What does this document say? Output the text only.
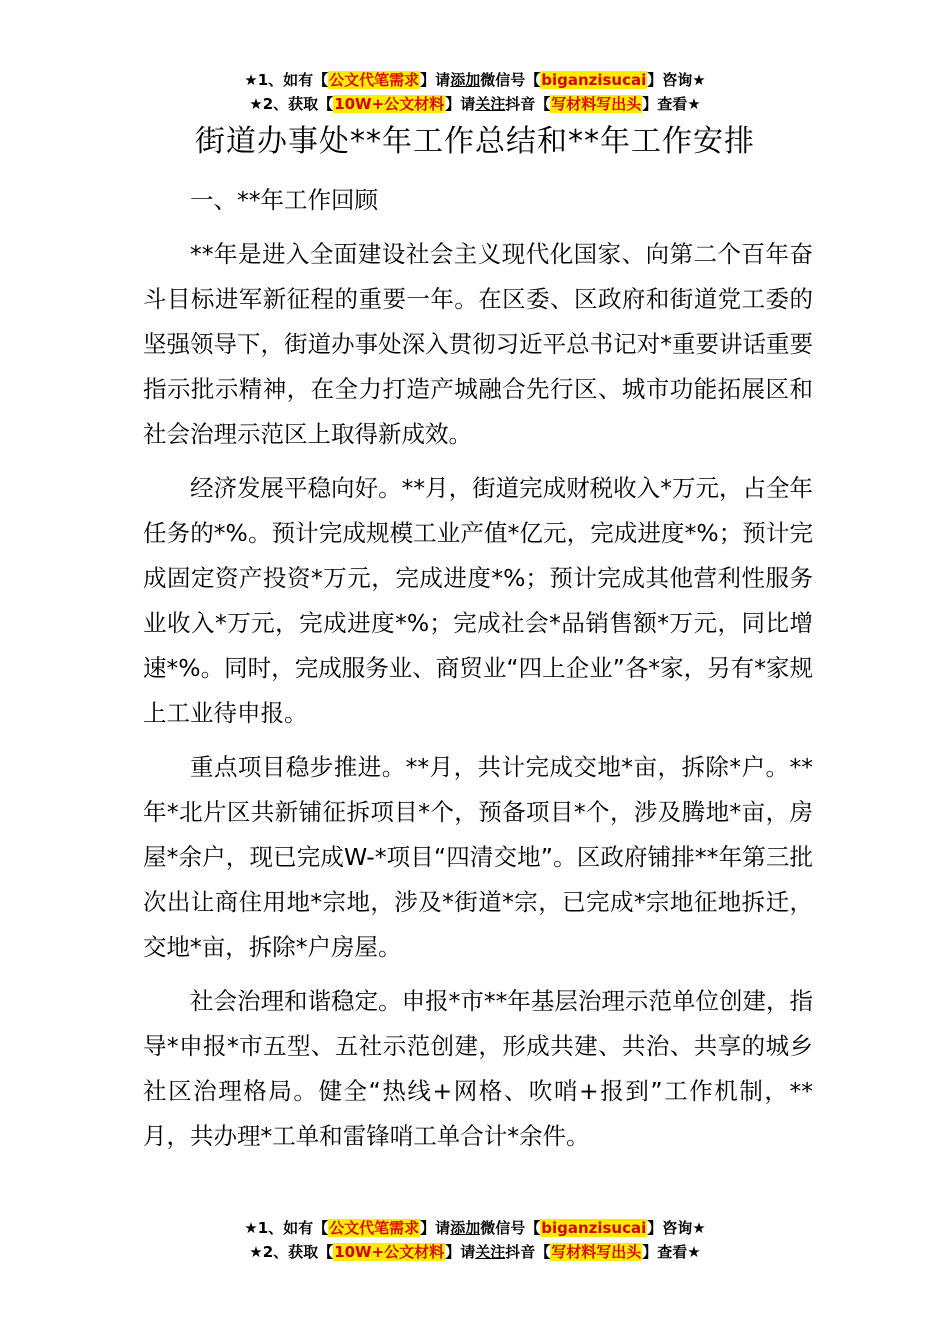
★1、如有【公文代笔需求】请添加微信号【biganzisucai】咨询★
★2、获取【10W+公文材料】请关注抖音【写材料写出头】查看★
街道办事处**年工作总结和**年工作安排

一、**年工作回顾

**年是进入全面建设社会主义现代化国家、向第二个百年奋斗目标进军新征程的重要一年。在区委、区政府和街道党工委的坚强领导下，街道办事处深入贯彻习近平总书记对*重要讲话重要指示批示精神，在全力打造产城融合先行区、城市功能拓展区和社会治理示范区上取得新成效。

经济发展平稳向好。**月，街道完成财税收入*万元，占全年任务的*%。预计完成规模工业产值*亿元，完成进度*%；预计完成固定资产投资*万元，完成进度*%；预计完成其他营利性服务业收入*万元，完成进度*%；完成社会*品销售额*万元，同比增速*%。同时，完成服务业、商贸业“四上企业”各*家，另有*家规上工业待申报。

重点项目稳步推进。**月，共计完成交地*亩，拆除*户。**年*北片区共新铺征拆项目*个，预备项目*个，涉及腾地*亩，房屋*余户，现已完成W-*项目“四清交地”。区政府铺排**年第三批次出让商住用地*宗地，涉及*街道*宗，已完成*宗地征地拆迁，交地*亩，拆除*户房屋。

社会治理和谐稳定。申报*市**年基层治理示范单位创建，指导*申报*市五型、五社示范创建，形成共建、共治、共享的城乡社区治理格局。健全“热线+网格、吹哨+报到”工作机制，**月，共办理*工单和雷锋哨工单合计*余件。

★1、如有【公文代笔需求】请添加微信号【biganzisucai】咨询★
★2、获取【10W+公文材料】请关注抖音【写材料写出头】查看★
